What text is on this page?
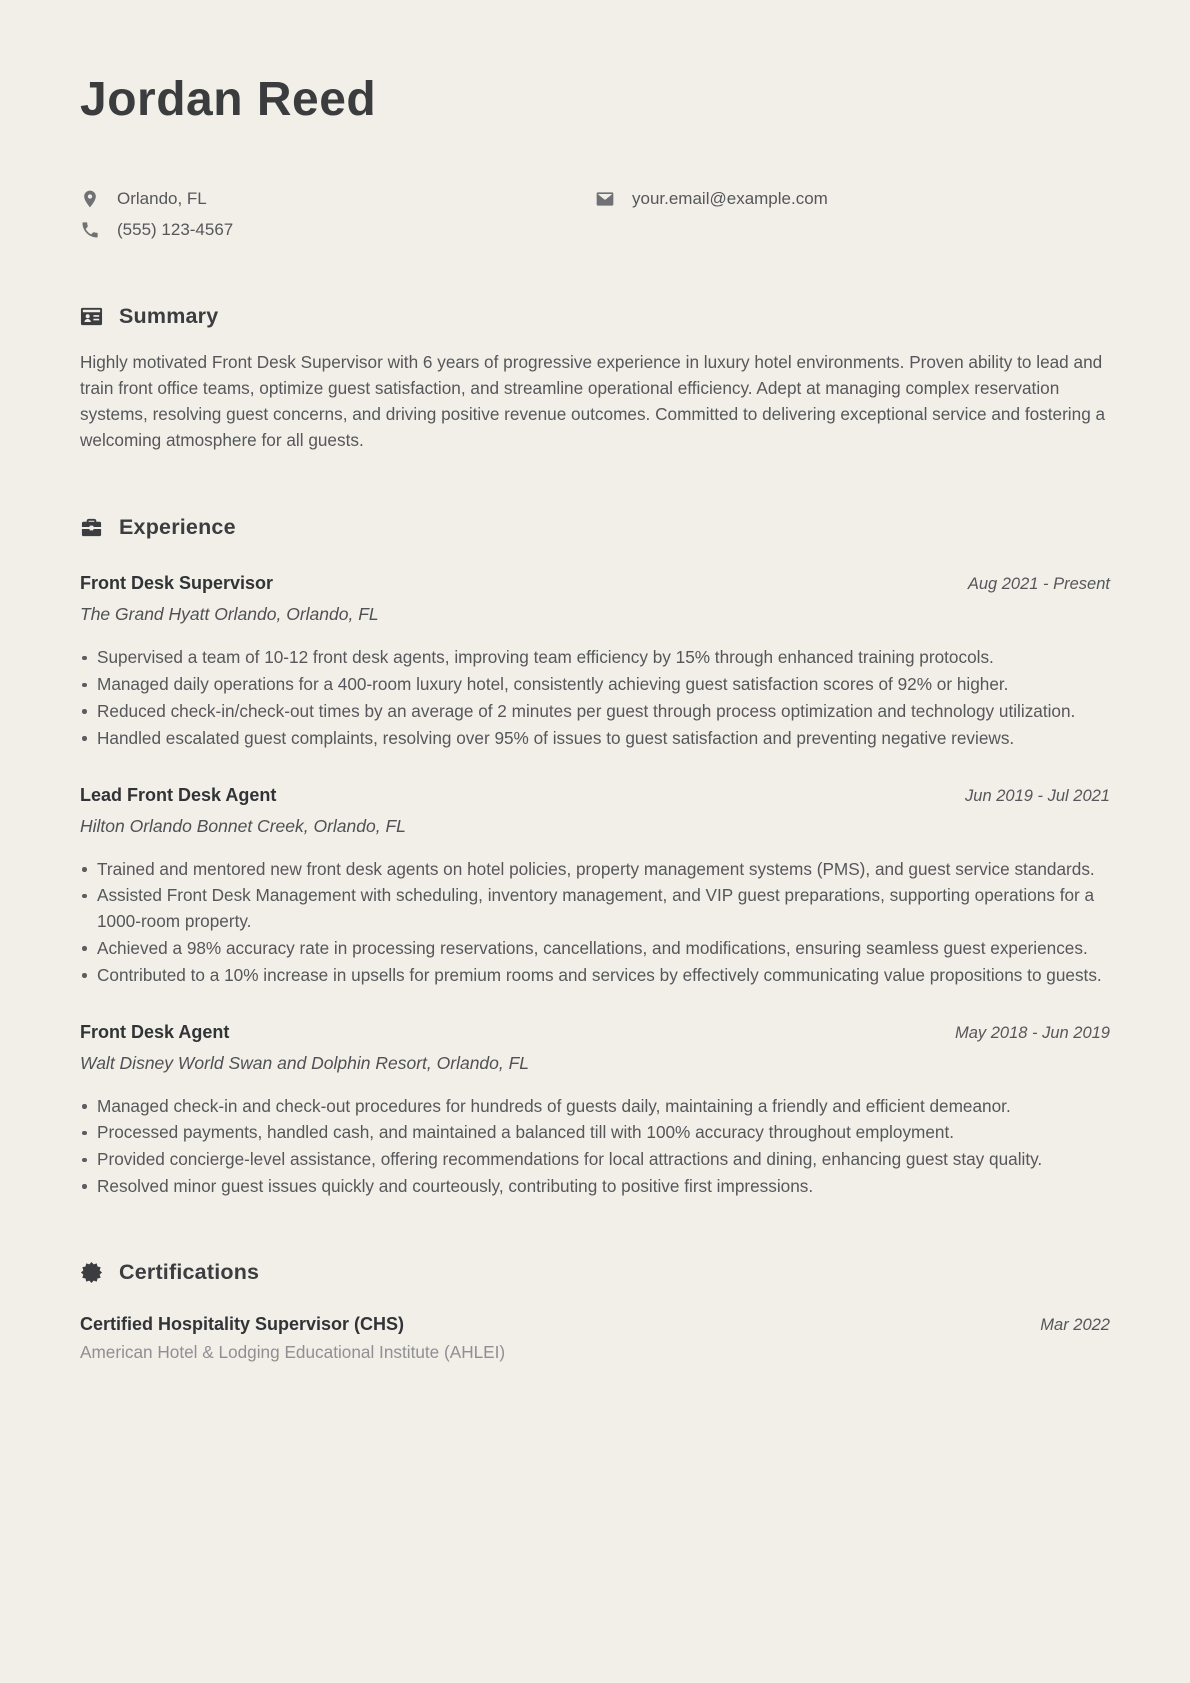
Jordan Reed
Orlando, FL	your.email@example.com
(555) 123-4567
Summary

Highly motivated Front Desk Supervisor with 6 years of progressive experience in luxury hotel environments. Proven ability to lead and train front office teams, optimize guest satisfaction, and streamline operational efficiency. Adept at managing complex reservation systems, resolving guest concerns, and driving positive revenue outcomes. Committed to delivering exceptional service and fostering a welcoming atmosphere for all guests.

Experience
Front Desk Supervisor	Aug 2021 - Present
The Grand Hyatt Orlando, Orlando, FL
Supervised a team of 10-12 front desk agents, improving team efficiency by 15% through enhanced training protocols.
Managed daily operations for a 400-room luxury hotel, consistently achieving guest satisfaction scores of 92% or higher.
Reduced check-in/check-out times by an average of 2 minutes per guest through process optimization and technology utilization.
Handled escalated guest complaints, resolving over 95% of issues to guest satisfaction and preventing negative reviews.
Lead Front Desk Agent	Jun 2019 - Jul 2021
Hilton Orlando Bonnet Creek, Orlando, FL
Trained and mentored new front desk agents on hotel policies, property management systems (PMS), and guest service standards.
Assisted Front Desk Management with scheduling, inventory management, and VIP guest preparations, supporting operations for a 1000-room property.
Achieved a 98% accuracy rate in processing reservations, cancellations, and modifications, ensuring seamless guest experiences.
Contributed to a 10% increase in upsells for premium rooms and services by effectively communicating value propositions to guests.
Front Desk Agent	May 2018 - Jun 2019
Walt Disney World Swan and Dolphin Resort, Orlando, FL
Managed check-in and check-out procedures for hundreds of guests daily, maintaining a friendly and efficient demeanor.
Processed payments, handled cash, and maintained a balanced till with 100% accuracy throughout employment.
Provided concierge-level assistance, offering recommendations for local attractions and dining, enhancing guest stay quality.
Resolved minor guest issues quickly and courteously, contributing to positive first impressions.
Certifications
Certified Hospitality Supervisor (CHS)	Mar 2022
American Hotel & Lodging Educational Institute (AHLEI)
